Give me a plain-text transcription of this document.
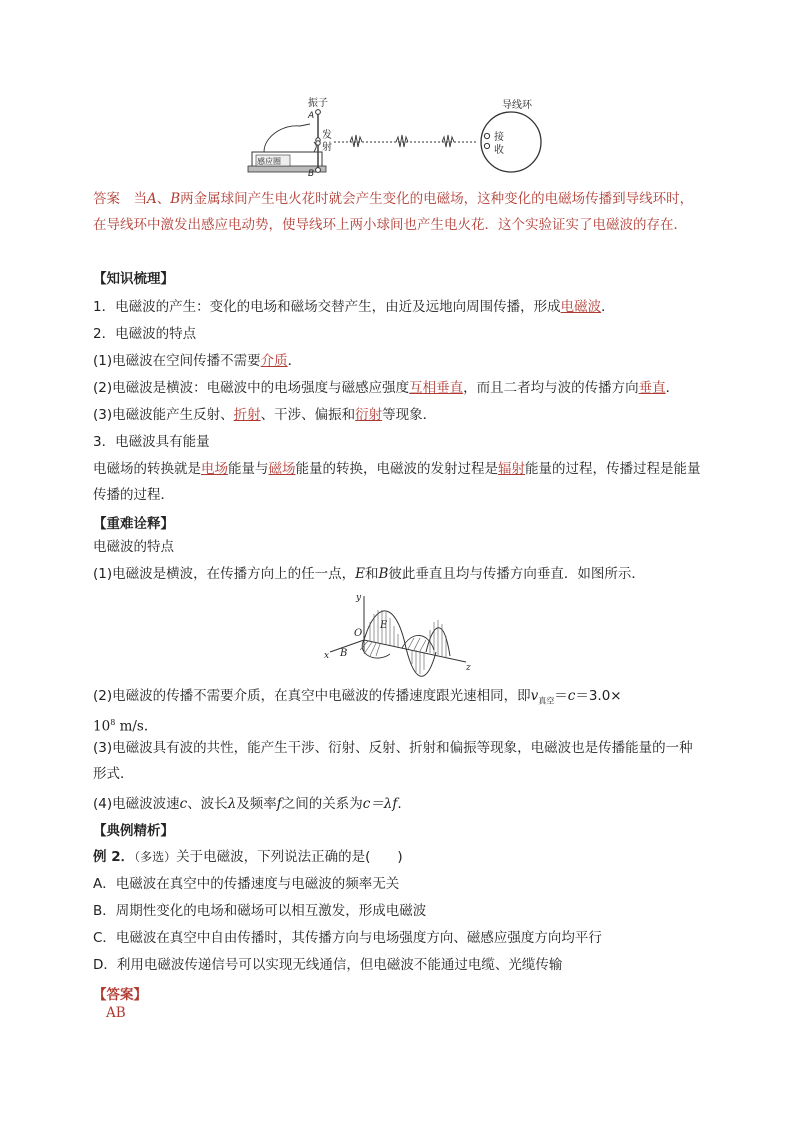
感应圈
振子
A
B
发
射
导线环
接
收
答案　当A、B两金属球间产生电火花时就会产生变化的电磁场，这种变化的电磁场传播到导线环时，在导线环中激发出感应电动势，使导线环上两小球间也产生电火花．这个实验证实了电磁波的存在．
【知识梳理】
1．电磁波的产生：变化的电场和磁场交替产生，由近及远地向周围传播，形成电磁波．
2．电磁波的特点
(1)电磁波在空间传播不需要介质．
(2)电磁波是横波：电磁波中的电场强度与磁感应强度互相垂直，而且二者均与波的传播方向垂直．
(3)电磁波能产生反射、折射、干涉、偏振和衍射等现象．
3．电磁波具有能量
电磁场的转换就是电场能量与磁场能量的转换，电磁波的发射过程是辐射能量的过程，传播过程是能量传播的过程．
【重难诠释】
电磁波的特点
(1)电磁波是横波，在传播方向上的任一点，E和B彼此垂直且均与传播方向垂直．如图所示．
y
z
x
O
E
B
(2)电磁波的传播不需要介质，在真空中电磁波的传播速度跟光速相同，即$v_{真空}=c=3.0\times$
$10^8$ m/s.
(3)电磁波具有波的共性，能产生干涉、衍射、反射、折射和偏振等现象，电磁波也是传播能量的一种形式．
(4)电磁波波速c、波长λ及频率f之间的关系为c＝λf.
【典例精析】
例 2．（多选）关于电磁波，下列说法正确的是(　　)
A．电磁波在真空中的传播速度与电磁波的频率无关
B．周期性变化的电场和磁场可以相互激发，形成电磁波
C．电磁波在真空中自由传播时，其传播方向与电场强度方向、磁感应强度方向均平行
D．利用电磁波传递信号可以实现无线通信，但电磁波不能通过电缆、光缆传输
【答案】
AB
